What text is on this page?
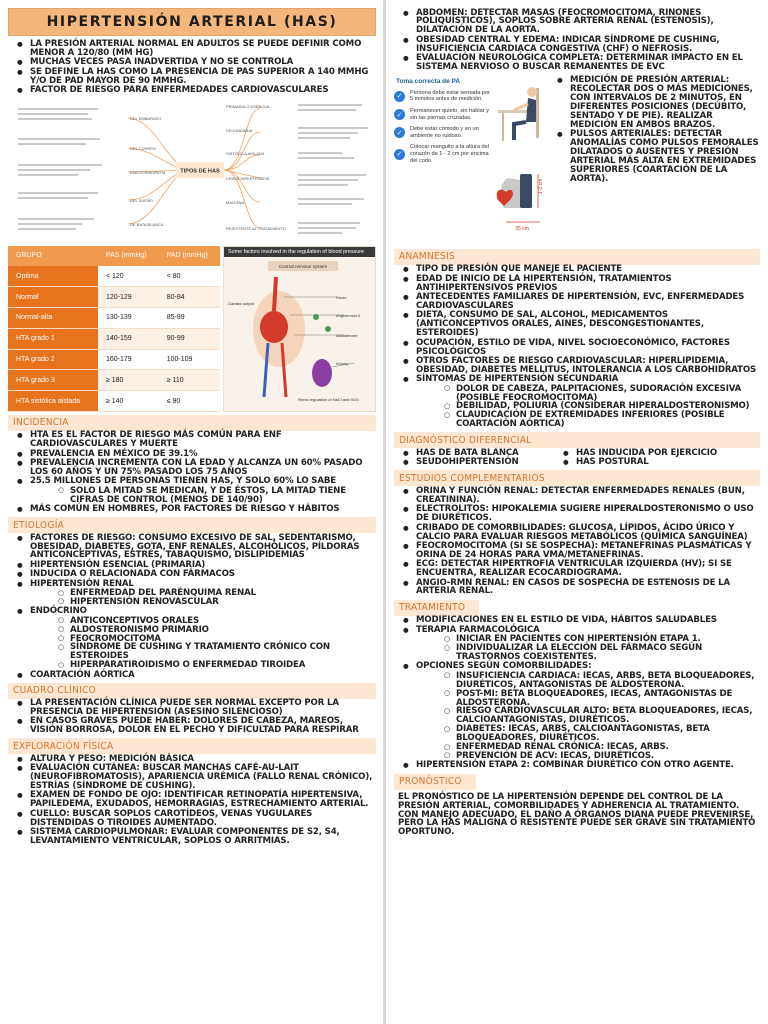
HIPERTENSIÓN ARTERIAL (HAS)
● LA PRESIÓN ARTERIAL NORMAL EN ADULTOS SE PUEDE DEFINIR COMO MENOR A 120/80 (MM HG)
● MUCHAS VECES PASA INADVERTIDA Y NO SE CONTROLA
● SE DEFINE LA HAS COMO LA PRESENCIA DE PAS SUPERIOR A 140 MMHG Y/O DE PAD MAYOR DE 90 MMHG.
● FACTOR DE RIESGO PARA ENFERMEDADES CARDIOVASCULARES
TIPOS DE HAS
DEL EMBARAZO
DEL CUERPO
ENDOCRINOPATÍA
DEL SUEÑO
DE BATA BLANCA
PRIMARIA O ESENCIAL
SECUNDARIA
SISTÓLICA AISLADA
CRISIS HIPERTENSIVA
MALIGNA
RESISTENTE AL TRATAMIENTO
GRUPO	PAS (mmHg)	PAD (mmHg)
Óptima	< 120	< 80
Normal	120-129	80-84
Normal-alta	130-139	85-89
HTA grado 1	140-159	90-99
HTA grado 2	160-179	100-109
HTA grado 3	≥ 180	≥ 110
HTA sistólica aislada	≥ 140	≤ 90
Some factors involved in the regulation of blood pressure
Central nervous system
Cardiac output
Renin
Angiotensin II
Aldosterone
Kidney
Renal regulation of NaCl and H2O
INCIDENCIA
● HTA ES EL FACTOR DE RIESGO MÁS COMÚN PARA ENF CARDIOVASCULARES Y MUERTE
● PREVALENCIA EN MÉXICO DE 39.1%
● PREVALENCIA INCREMENTA CON LA EDAD Y ALCANZA UN 60% PASADO LOS 60 AÑOS Y UN 75% PASADO LOS 75 AÑOS
● 25.5 MILLONES DE PERSONAS TIENEN HAS, Y SOLO 60% LO SABE
○ SOLO LA MITAD SE MEDICAN, Y DE ÉSTOS, LA MITAD TIENE CIFRAS DE CONTROL (MENOS DE 140/90)
● MÁS COMÚN EN HOMBRES, POR FACTORES DE RIESGO Y HÁBITOS
ETIOLOGÍA
● FACTORES DE RIESGO: CONSUMO EXCESIVO DE SAL, SEDENTARISMO, OBESIDAD, DIABETES, GOTA, ENF RENALES, ALCOHÓLICOS, PÍLDORAS ANTICONCEPTIVAS, ESTRÉS, TABAQUISMO, DISLIPIDEMIAS
● HIPERTENSIÓN ESENCIAL (PRIMARIA)
● INDUCIDA O RELACIONADA CON FÁRMACOS
● HIPERTENSIÓN RENAL
○ ENFERMEDAD DEL PARÉNQUIMA RENAL
○ HIPERTENSIÓN RENOVASCULAR
● ENDÓCRINO
○ ANTICONCEPTIVOS ORALES
○ ALDOSTERONISMO PRIMARIO
○ FEOCROMOCITOMA
○ SÍNDROME DE CUSHING Y TRATAMIENTO CRÓNICO CON ESTEROIDES
○ HIPERPARATIROIDISMO O ENFERMEDAD TIROIDEA
● COARTACIÓN AÓRTICA
CUADRO CLÍNICO
● LA PRESENTACIÓN CLÍNICA PUEDE SER NORMAL EXCEPTO POR LA PRESENCIA DE HIPERTENSIÓN (ASESINO SILENCIOSO)
● EN CASOS GRAVES PUEDE HABER: DOLORES DE CABEZA, MAREOS, VISIÓN BORROSA, DOLOR EN EL PECHO Y DIFICULTAD PARA RESPIRAR
EXPLORACIÓN FÍSICA
● ALTURA Y PESO: MEDICIÓN BÁSICA
● EVALUACIÓN CUTÁNEA: BUSCAR MANCHAS CAFÉ-AU-LAIT (NEUROFIBROMATOSIS), APARIENCIA URÉMICA (FALLO RENAL CRÓNICO), ESTRÍAS (SÍNDROME DE CUSHING).
● EXAMEN DE FONDO DE OJO: IDENTIFICAR RETINOPATÍA HIPERTENSIVA, PAPILEDEMA, EXUDADOS, HEMORRAGIAS, ESTRECHAMIENTO ARTERIAL.
● CUELLO: BUSCAR SOPLOS CAROTÍDEOS, VENAS YUGULARES DISTENDIDAS O TIROIDES AUMENTADO.
● SISTEMA CARDIOPULMONAR: EVALUAR COMPONENTES DE S2, S4, LEVANTAMIENTO VENTRICULAR, SOPLOS O ARRITMIAS.
● ABDOMEN: DETECTAR MASAS (FEOCROMOCITOMA, RIÑONES POLIQUÍSTICOS), SOPLOS SOBRE ARTERIA RENAL (ESTENOSIS), DILATACIÓN DE LA AORTA.
● OBESIDAD CENTRAL Y EDEMA: INDICAR SÍNDROME DE CUSHING, INSUFICIENCIA CARDIACA CONGESTIVA (CHF) O NEFROSIS.
● EVALUACIÓN NEUROLÓGICA COMPLETA: DETERMINAR IMPACTO EN EL SISTEMA NERVIOSO O BUSCAR REMANENTES DE EVC
Toma correcta de PA
✓
Persona debe estar sentada por 5 minutos antes de medición.
✓
Permanecer quieto, sin hablar y sin las piernas cruzadas.
✓
Debe estar cómodo y en un ambiente no ruidoso.
✓
Colocar manguito a la altura del corazón de 1 - 2 cm por encima del codo.
1-2 cm
35 cm
● MEDICIÓN DE PRESIÓN ARTERIAL: RECOLECTAR DOS O MÁS MEDICIONES, CON INTERVALOS DE 2 MINUTOS, EN DIFERENTES POSICIONES (DECÚBITO, SENTADO Y DE PIE). REALIZAR MEDICIÓN EN AMBOS BRAZOS.
● PULSOS ARTERIALES: DETECTAR ANOMALÍAS COMO PULSOS FEMORALES DILATADOS O AUSENTES Y PRESIÓN ARTERIAL MÁS ALTA EN EXTREMIDADES SUPERIORES (COARTACIÓN DE LA AORTA).
ANAMNESIS
● TIPO DE PRESIÓN QUE MANEJE EL PACIENTE
● EDAD DE INICIO DE LA HIPERTENSIÓN, TRATAMIENTOS ANTIHIPERTENSIVOS PREVIOS
● ANTECEDENTES FAMILIARES DE HIPERTENSIÓN, EVC, ENFERMEDADES CARDIOVASCULARES
● DIETA, CONSUMO DE SAL, ALCOHOL, MEDICAMENTOS (ANTICONCEPTIVOS ORALES, AINES, DESCONGESTIONANTES, ESTEROIDES)
● OCUPACIÓN, ESTILO DE VIDA, NIVEL SOCIOECONÓMICO, FACTORES PSICOLÓGICOS
● OTROS FACTORES DE RIESGO CARDIOVASCULAR: HIPERLIPIDEMIA, OBESIDAD, DIABETES MELLITUS, INTOLERANCIA A LOS CARBOHIDRATOS
● SÍNTOMAS DE HIPERTENSIÓN SECUNDARIA
○ DOLOR DE CABEZA, PALPITACIONES, SUDORACIÓN EXCESIVA (POSIBLE FEOCROMOCITOMA)
○ DEBILIDAD, POLIURIA (CONSIDERAR HIPERALDOSTERONISMO)
○ CLAUDICACIÓN DE EXTREMIDADES INFERIORES (POSIBLE COARTACIÓN AÓRTICA)
DIAGNÓSTICO DIFERENCIAL
● HAS DE BATA BLANCA
● SEUDOHIPERTENSIÓN
● HAS INDUCIDA POR EJERCICIO
● HAS POSTURAL
ESTUDIOS COMPLEMENTARIOS
● ORINA Y FUNCIÓN RENAL: DETECTAR ENFERMEDADES RENALES (BUN, CREATININA).
● ELECTROLITOS: HIPOKALEMIA SUGIERE HIPERALDOSTERONISMO O USO DE DIURÉTICOS.
● CRIBADO DE COMORBILIDADES: GLUCOSA, LÍPIDOS, ÁCIDO ÚRICO Y CALCIO PARA EVALUAR RIESGOS METABÓLICOS (QUÍMICA SANGUÍNEA)
● FEOCROMOCITOMA (SI SE SOSPECHA): METANEFRINAS PLASMÁTICAS Y ORINA DE 24 HORAS PARA VMA/METANEFRINAS.
● ECG: DETECTAR HIPERTROFIA VENTRICULAR IZQUIERDA (HV); SI SE ENCUENTRA, REALIZAR ECOCARDIOGRAMA.
● ANGIO-RMN RENAL: EN CASOS DE SOSPECHA DE ESTENOSIS DE LA ARTERIA RENAL.
TRATAMIENTO
● MODIFICACIONES EN EL ESTILO DE VIDA, HÁBITOS SALUDABLES
● TERAPIA FARMACOLÓGICA
○ INICIAR EN PACIENTES CON HIPERTENSIÓN ETAPA 1.
○ INDIVIDUALIZAR LA ELECCIÓN DEL FÁRMACO SEGÚN TRASTORNOS COEXISTENTES.
● OPCIONES SEGÚN COMORBILIDADES:
○ INSUFICIENCIA CARDIACA: IECAS, ARBS, BETA BLOQUEADORES, DIURÉTICOS, ANTAGONISTAS DE ALDOSTERONA.
○ POST-MI: BETA BLOQUEADORES, IECAS, ANTAGONISTAS DE ALDOSTERONA.
○ RIESGO CARDIOVASCULAR ALTO: BETA BLOQUEADORES, IECAS, CALCIOANTAGONISTAS, DIURÉTICOS.
○ DIABETES: IECAS, ARBS, CALCIOANTAGONISTAS, BETA BLOQUEADORES, DIURÉTICOS.
○ ENFERMEDAD RENAL CRÓNICA: IECAS, ARBS.
○ PREVENCIÓN DE ACV: IECAS, DIURÉTICOS.
● HIPERTENSIÓN ETAPA 2: COMBINAR DIURÉTICO CON OTRO AGENTE.
PRONÓSTICO

EL PRONÓSTICO DE LA HIPERTENSIÓN DEPENDE DEL CONTROL DE LA PRESIÓN ARTERIAL, COMORBILIDADES Y ADHERENCIA AL TRATAMIENTO. CON MANEJO ADECUADO, EL DAÑO A ÓRGANOS DIANA PUEDE PREVENIRSE, PERO LA HAS MALIGNA O RESISTENTE PUEDE SER GRAVE SIN TRATAMIENTO OPORTUNO.
